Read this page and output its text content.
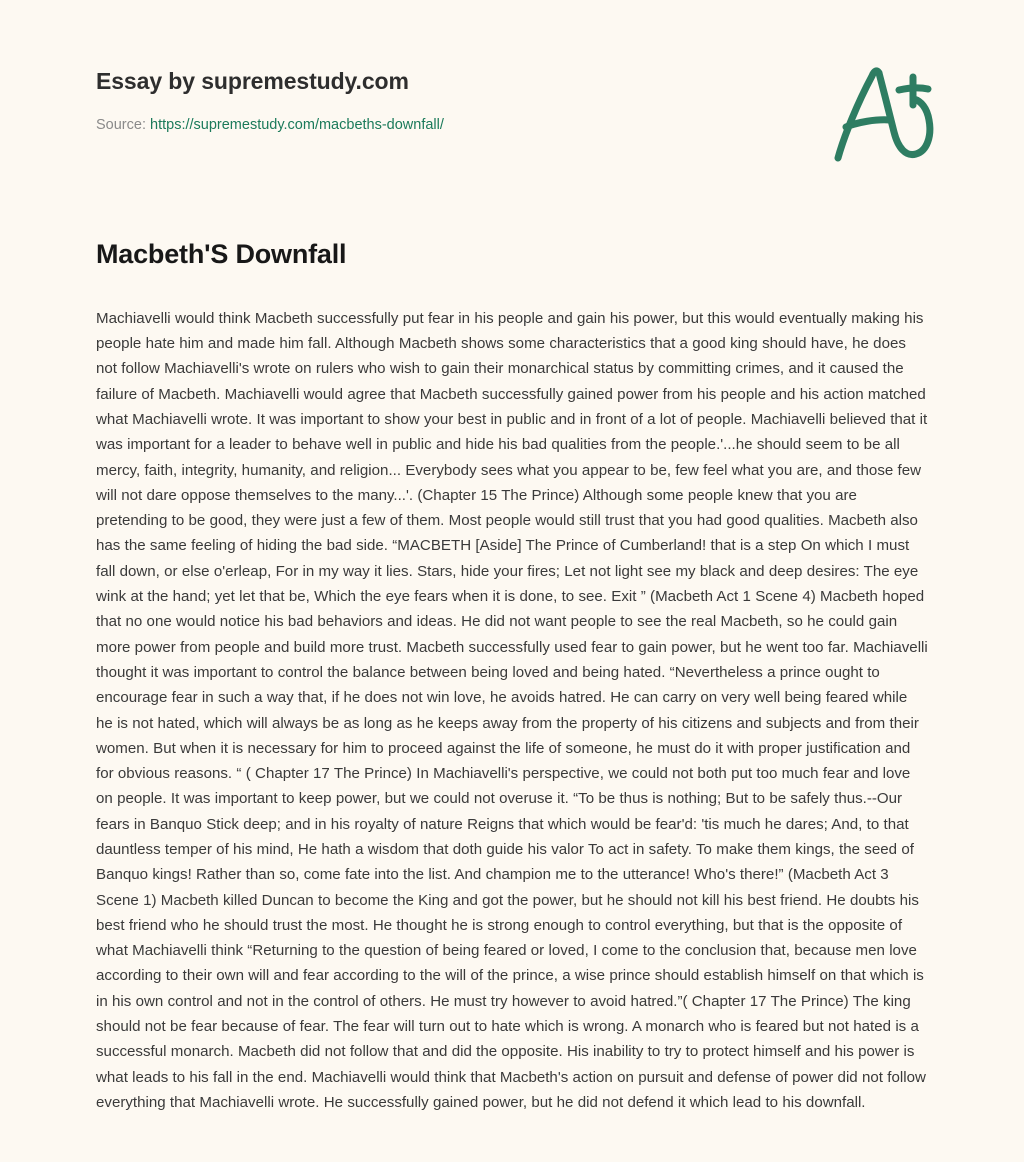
Essay by supremestudy.com
Source: https://supremestudy.com/macbeths-downfall/
Macbeth'S Downfall

Machiavelli would think Macbeth successfully put fear in his people and gain his power, but this would eventually making his people hate him and made him fall. Although Macbeth shows some characteristics that a good king should have, he does not follow Machiavelli's wrote on rulers who wish to gain their monarchical status by committing crimes, and it caused the failure of Macbeth. Machiavelli would agree that Macbeth successfully gained power from his people and his action matched what Machiavelli wrote. It was important to show your best in public and in front of a lot of people. Machiavelli believed that it was important for a leader to behave well in public and hide his bad qualities from the people.'...he should seem to be all mercy, faith, integrity, humanity, and religion... Everybody sees what you appear to be, few feel what you are, and those few will not dare oppose themselves to the many...'. (Chapter 15 The Prince) Although some people knew that you are pretending to be good, they were just a few of them. Most people would still trust that you had good qualities. Macbeth also has the same feeling of hiding the bad side. “MACBETH [Aside] The Prince of Cumberland! that is a step On which I must fall down, or else o'erleap, For in my way it lies. Stars, hide your fires; Let not light see my black and deep desires: The eye wink at the hand; yet let that be, Which the eye fears when it is done, to see. Exit ” (Macbeth Act 1 Scene 4) Macbeth hoped that no one would notice his bad behaviors and ideas. He did not want people to see the real Macbeth, so he could gain more power from people and build more trust. Macbeth successfully used fear to gain power, but he went too far. Machiavelli thought it was important to control the balance between being loved and being hated. “Nevertheless a prince ought to encourage fear in such a way that, if he does not win love, he avoids hatred. He can carry on very well being feared while he is not hated, which will always be as long as he keeps away from the property of his citizens and subjects and from their women. But when it is necessary for him to proceed against the life of someone, he must do it with proper justification and for obvious reasons. “ ( Chapter 17 The Prince) In Machiavelli's perspective, we could not both put too much fear and love on people. It was important to keep power, but we could not overuse it. “To be thus is nothing; But to be safely thus.--Our fears in Banquo Stick deep; and in his royalty of nature Reigns that which would be fear'd: 'tis much he dares; And, to that dauntless temper of his mind, He hath a wisdom that doth guide his valor To act in safety. To make them kings, the seed of Banquo kings! Rather than so, come fate into the list. And champion me to the utterance! Who's there!” (Macbeth Act 3 Scene 1) Macbeth killed Duncan to become the King and got the power, but he should not kill his best friend. He doubts his best friend who he should trust the most. He thought he is strong enough to control everything, but that is the opposite of what Machiavelli think “Returning to the question of being feared or loved, I come to the conclusion that, because men love according to their own will and fear according to the will of the prince, a wise prince should establish himself on that which is in his own control and not in the control of others. He must try however to avoid hatred.”( Chapter 17 The Prince) The king should not be fear because of fear. The fear will turn out to hate which is wrong. A monarch who is feared but not hated is a successful monarch. Macbeth did not follow that and did the opposite. His inability to try to protect himself and his power is what leads to his fall in the end. Machiavelli would think that Macbeth's action on pursuit and defense of power did not follow everything that Machiavelli wrote. He successfully gained power, but he did not defend it which lead to his downfall.
